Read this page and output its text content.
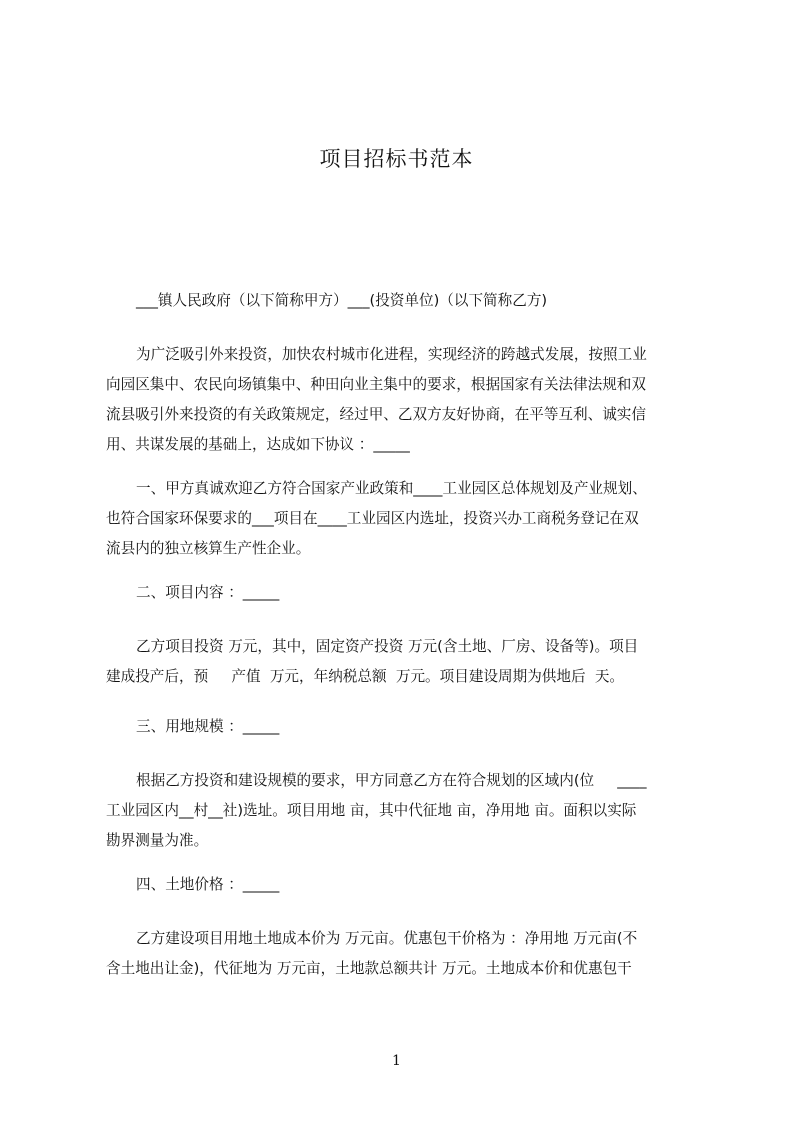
项目招标书范本

___镇人民政府（以下简称甲方）___(投资单位)（以下简称乙方)

为广泛吸引外来投资，加快农村城市化进程，实现经济的跨越式发展，按照工业
向园区集中、农民向场镇集中、种田向业主集中的要求，根据国家有关法律法规和双
流县吸引外来投资的有关政策规定，经过甲、乙双方友好协商，在平等互利、诚实信
用、共谋发展的基础上，达成如下协议 ：_____
一、甲方真诚欢迎乙方符合国家产业政策和____工业园区总体规划及产业规划、
也符合国家环保要求的___项目在____工业园区内选址，投资兴办工商税务登记在双
流县内的独立核算生产性企业。

二、项目内容 ：_____

乙方项目投资 万元，其中，固定资产投资 万元(含土地、厂房、设备等)。项目
建成投产后，预     产值  万元，年纳税总额  万元。项目建设周期为供地后  天。

三、用地规模 ：_____

根据乙方投资和建设规模的要求，甲方同意乙方在符合规划的区域内(位     ____
工业园区内__村__社)选址。项目用地 亩，其中代征地 亩，净用地 亩。面积以实际
勘界测量为准。

四、土地价格 ：_____

乙方建设项目用地土地成本价为 万元亩。优惠包干价格为 ：净用地 万元亩(不
含土地出让金)，代征地为 万元亩，土地款总额共计 万元。土地成本价和优惠包干
1
